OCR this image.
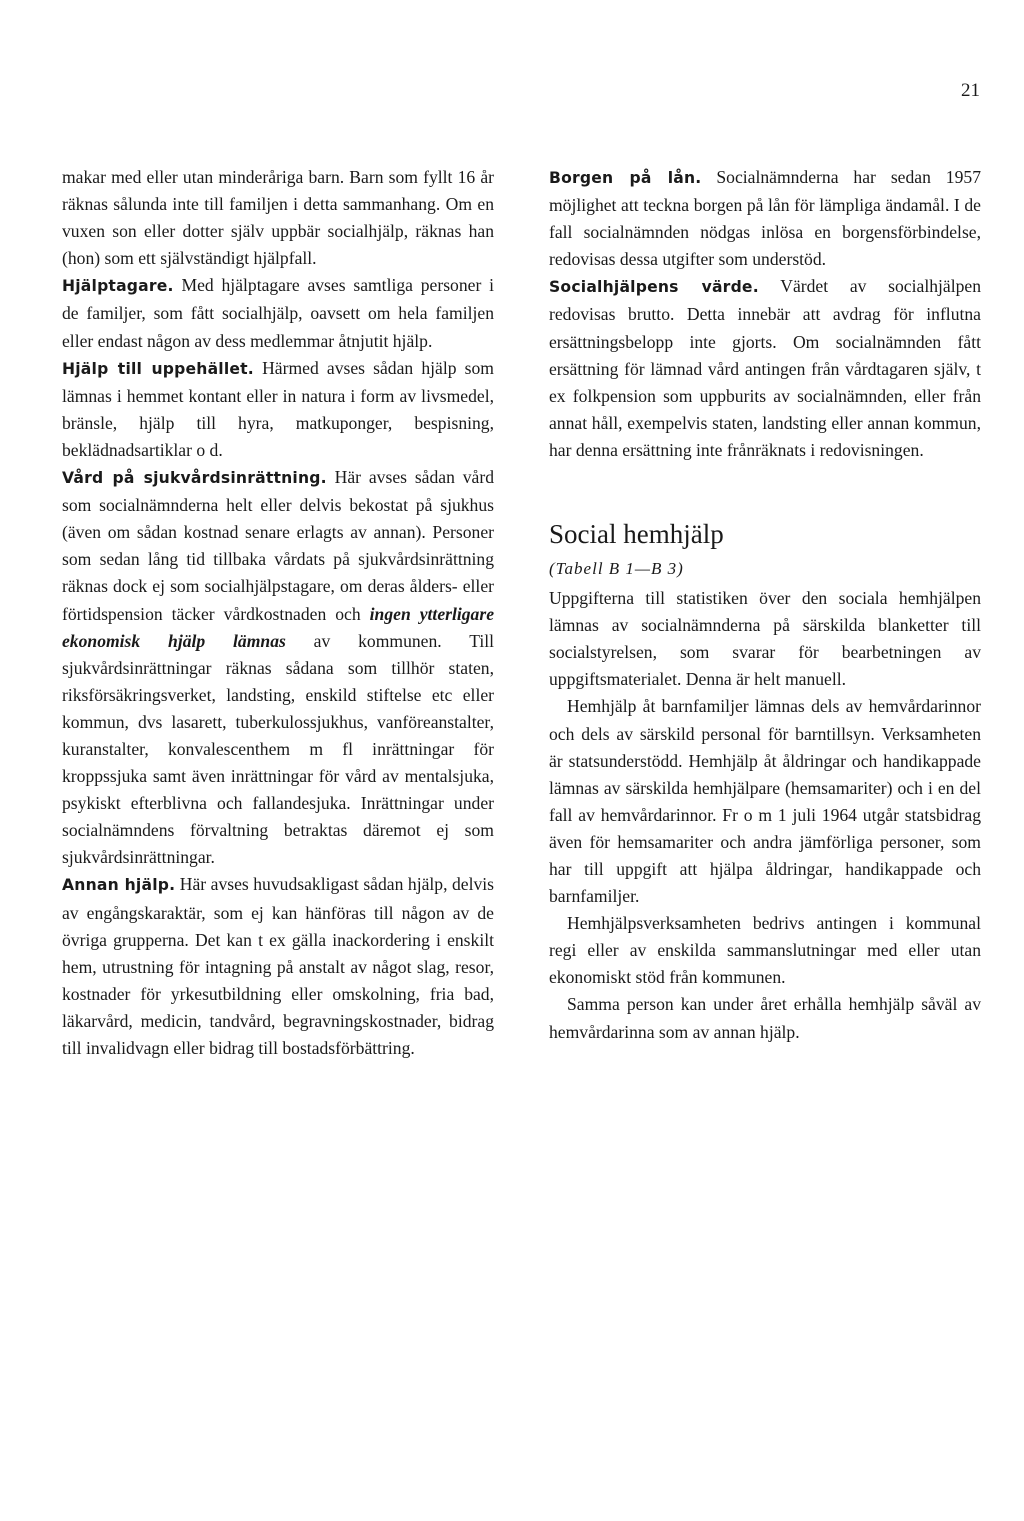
21

makar med eller utan minderåriga barn. Barn som fyllt 16 år räknas sålunda inte till familjen i detta sammanhang. Om en vuxen son eller dotter själv uppbär socialhjälp, räknas han (hon) som ett självständigt hjälpfall.

Hjälptagare. Med hjälptagare avses samtliga personer i de familjer, som fått socialhjälp, oavsett om hela familjen eller endast någon av dess medlemmar åtnjutit hjälp.

Hjälp till uppehället. Härmed avses sådan hjälp som lämnas i hemmet kontant eller in natura i form av livsmedel, bränsle, hjälp till hyra, matkuponger, bespisning, beklädnadsartiklar o d.

Vård på sjukvårdsinrättning. Här avses sådan vård som socialnämnderna helt eller delvis bekostat på sjukhus (även om sådan kostnad senare erlagts av annan). Personer som sedan lång tid tillbaka vårdats på sjukvårdsinrättning räknas dock ej som socialhjälpstagare, om deras ålders- eller förtidspension täcker vårdkostnaden och ingen ytterligare ekonomisk hjälp lämnas av kommunen. Till sjukvårdsinrättningar räknas sådana som tillhör staten, riksförsäkringsverket, landsting, enskild stiftelse etc eller kommun, dvs lasarett, tuberkulossjukhus, vanföreanstalter, kuranstalter, konvalescenthem m fl inrättningar för kroppssjuka samt även inrättningar för vård av mentalsjuka, psykiskt efterblivna och fallandesjuka. Inrättningar under socialnämndens förvaltning betraktas däremot ej som sjukvårdsinrättningar.

Annan hjälp. Här avses huvudsakligast sådan hjälp, delvis av engångskaraktär, som ej kan hänföras till någon av de övriga grupperna. Det kan t ex gälla inackordering i enskilt hem, utrustning för intagning på anstalt av något slag, resor, kostnader för yrkesutbildning eller omskolning, fria bad, läkarvård, medicin, tandvård, begravningskostnader, bidrag till invalidvagn eller bidrag till bostadsförbättring.

Borgen på lån. Socialnämnderna har sedan 1957 möjlighet att teckna borgen på lån för lämpliga ändamål. I de fall socialnämnden nödgas inlösa en borgensförbindelse, redovisas dessa utgifter som understöd.

Socialhjälpens värde. Värdet av socialhjälpen redovisas brutto. Detta innebär att avdrag för influtna ersättningsbelopp inte gjorts. Om socialnämnden fått ersättning för lämnad vård antingen från vårdtagaren själv, t ex folkpension som uppburits av socialnämnden, eller från annat håll, exempelvis staten, landsting eller annan kommun, har denna ersättning inte frånräknats i redovisningen.

Social hemhjälp
(Tabell B 1—B 3)

Uppgifterna till statistiken över den sociala hemhjälpen lämnas av socialnämnderna på särskilda blanketter till socialstyrelsen, som svarar för bearbetningen av uppgiftsmaterialet. Denna är helt manuell.

Hemhjälp åt barnfamiljer lämnas dels av hemvårdarinnor och dels av särskild personal för barntillsyn. Verksamheten är statsunderstödd. Hemhjälp åt åldringar och handikappade lämnas av särskilda hemhjälpare (hemsamariter) och i en del fall av hemvårdarinnor. Fr o m 1 juli 1964 utgår statsbidrag även för hemsamariter och andra jämförliga personer, som har till uppgift att hjälpa åldringar, handikappade och barnfamiljer.

Hemhjälpsverksamheten bedrivs antingen i kommunal regi eller av enskilda sammanslutningar med eller utan ekonomiskt stöd från kommunen.

Samma person kan under året erhålla hemhjälp såväl av hemvårdarinna som av annan hjälp.
